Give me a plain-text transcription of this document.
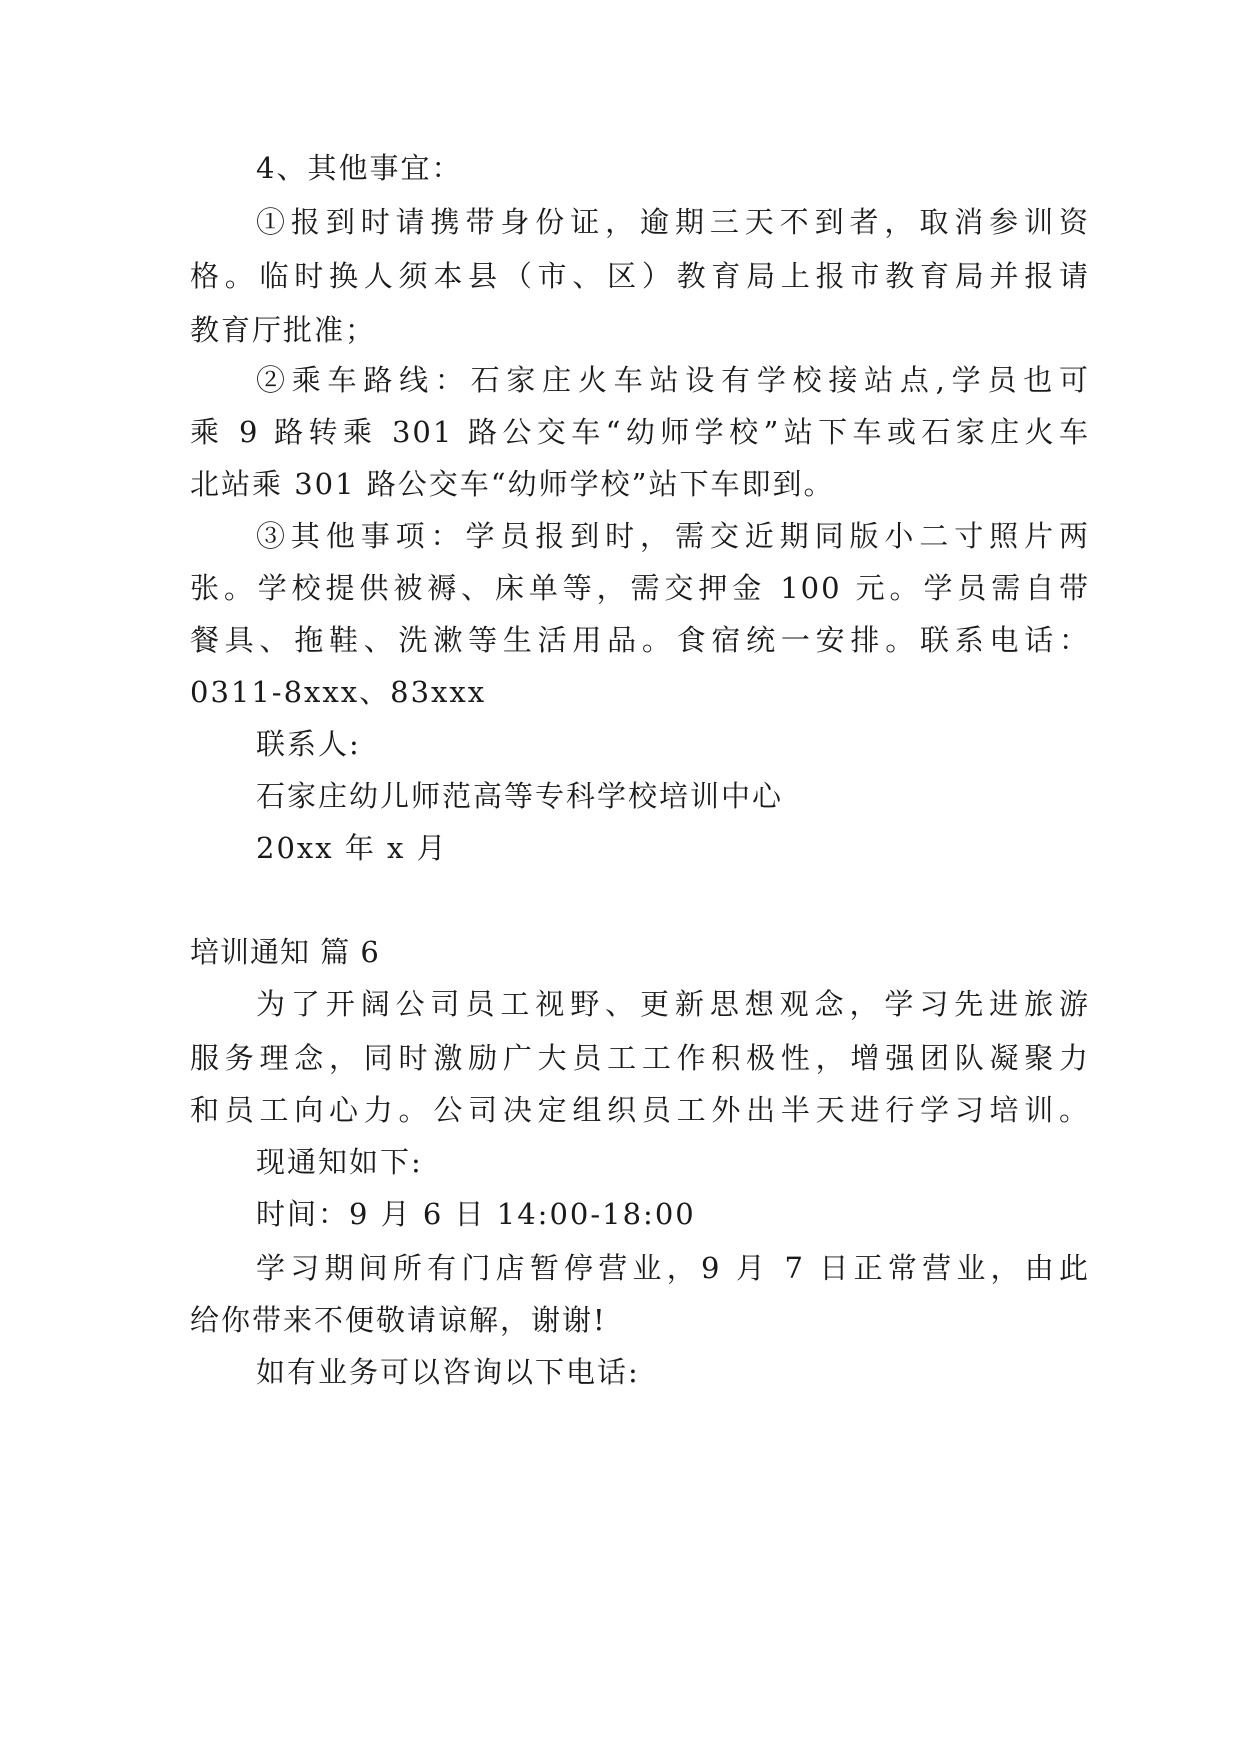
4、其他事宜：
①报到时请携带身份证，逾期三天不到者，取消参训资
格。临时换人须本县（市、区）教育局上报市教育局并报请
教育厅批准；
②乘车路线：石家庄火车站设有学校接站点,学员也可
乘 9 路转乘 301 路公交车“幼师学校”站下车或石家庄火车
北站乘 301 路公交车“幼师学校”站下车即到。
③其他事项：学员报到时，需交近期同版小二寸照片两
张。学校提供被褥、床单等，需交押金 100 元。学员需自带
餐具、拖鞋、洗漱等生活用品。食宿统一安排。联系电话：
0311-8xxx、83xxx
联系人:
石家庄幼儿师范高等专科学校培训中心
20xx 年 x 月
培训通知 篇 6
为了开阔公司员工视野、更新思想观念，学习先进旅游
服务理念，同时激励广大员工工作积极性，增强团队凝聚力
和员工向心力。公司决定组织员工外出半天进行学习培训。
现通知如下:
时间：9 月 6 日 14:00-18:00
学习期间所有门店暂停营业，9 月 7 日正常营业，由此
给你带来不便敬请谅解，谢谢!
如有业务可以咨询以下电话:
